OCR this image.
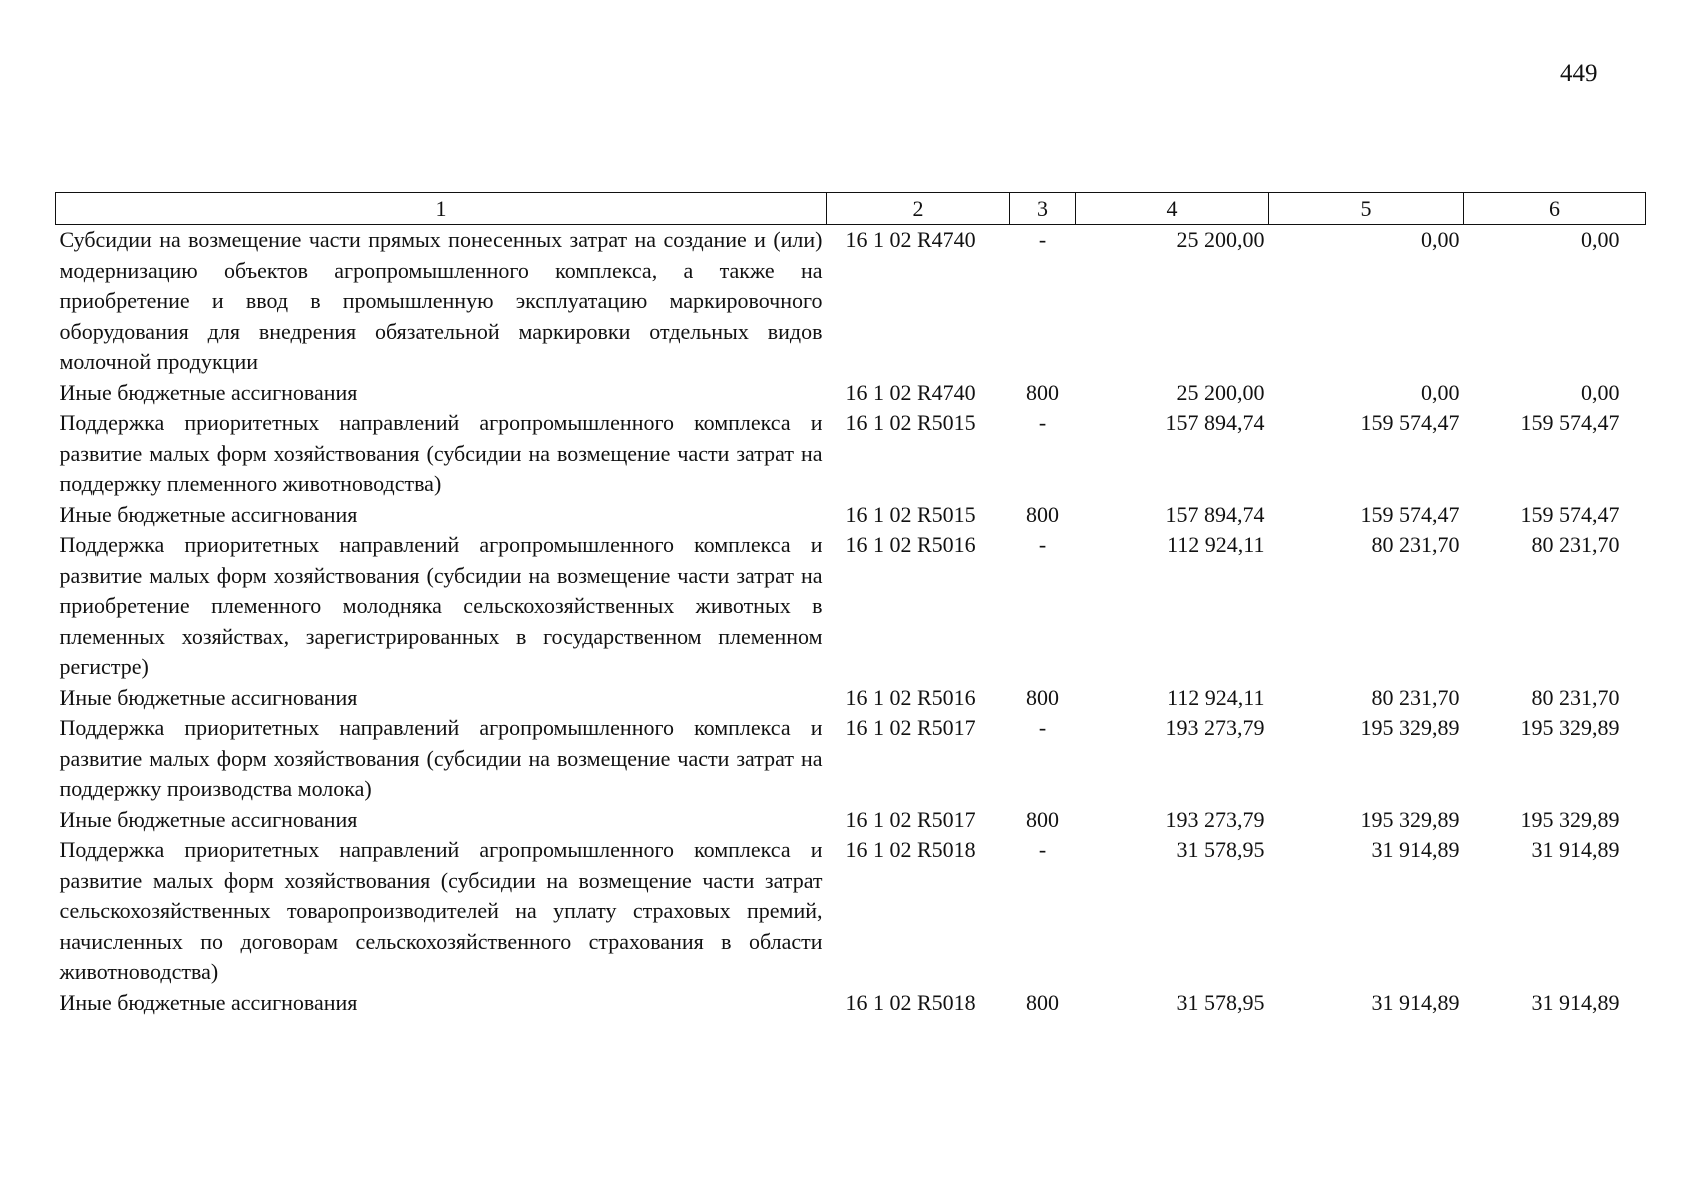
449
1	2	3	4	5	6
Субсидии на возмещение части прямых понесенных затрат на создание и (или) модернизацию объектов агропромышленного комплекса, а также на приобретение и ввод в промышленную эксплуатацию маркировочного оборудования для внедрения обязательной маркировки отдельных видов молочной продукции	16 1 02 R4740	-	25 200,00	0,00	0,00
Иные бюджетные ассигнования	16 1 02 R4740	800	25 200,00	0,00	0,00
Поддержка приоритетных направлений агропромышленного комплекса и развитие малых форм хозяйствования (субсидии на возмещение части затрат на поддержку племенного животноводства)	16 1 02 R5015	-	157 894,74	159 574,47	159 574,47
Иные бюджетные ассигнования	16 1 02 R5015	800	157 894,74	159 574,47	159 574,47
Поддержка приоритетных направлений агропромышленного комплекса и развитие малых форм хозяйствования (субсидии на возмещение части затрат на приобретение племенного молодняка сельскохозяйственных животных в племенных хозяйствах, зарегистрированных в государственном племенном регистре)	16 1 02 R5016	-	112 924,11	80 231,70	80 231,70
Иные бюджетные ассигнования	16 1 02 R5016	800	112 924,11	80 231,70	80 231,70
Поддержка приоритетных направлений агропромышленного комплекса и развитие малых форм хозяйствования (субсидии на возмещение части затрат на поддержку производства молока)	16 1 02 R5017	-	193 273,79	195 329,89	195 329,89
Иные бюджетные ассигнования	16 1 02 R5017	800	193 273,79	195 329,89	195 329,89
Поддержка приоритетных направлений агропромышленного комплекса и развитие малых форм хозяйствования (субсидии на возмещение части затрат сельскохозяйственных товаропроизводителей на уплату страховых премий, начисленных по договорам сельскохозяйственного страхования в области животноводства)	16 1 02 R5018	-	31 578,95	31 914,89	31 914,89
Иные бюджетные ассигнования	16 1 02 R5018	800	31 578,95	31 914,89	31 914,89
